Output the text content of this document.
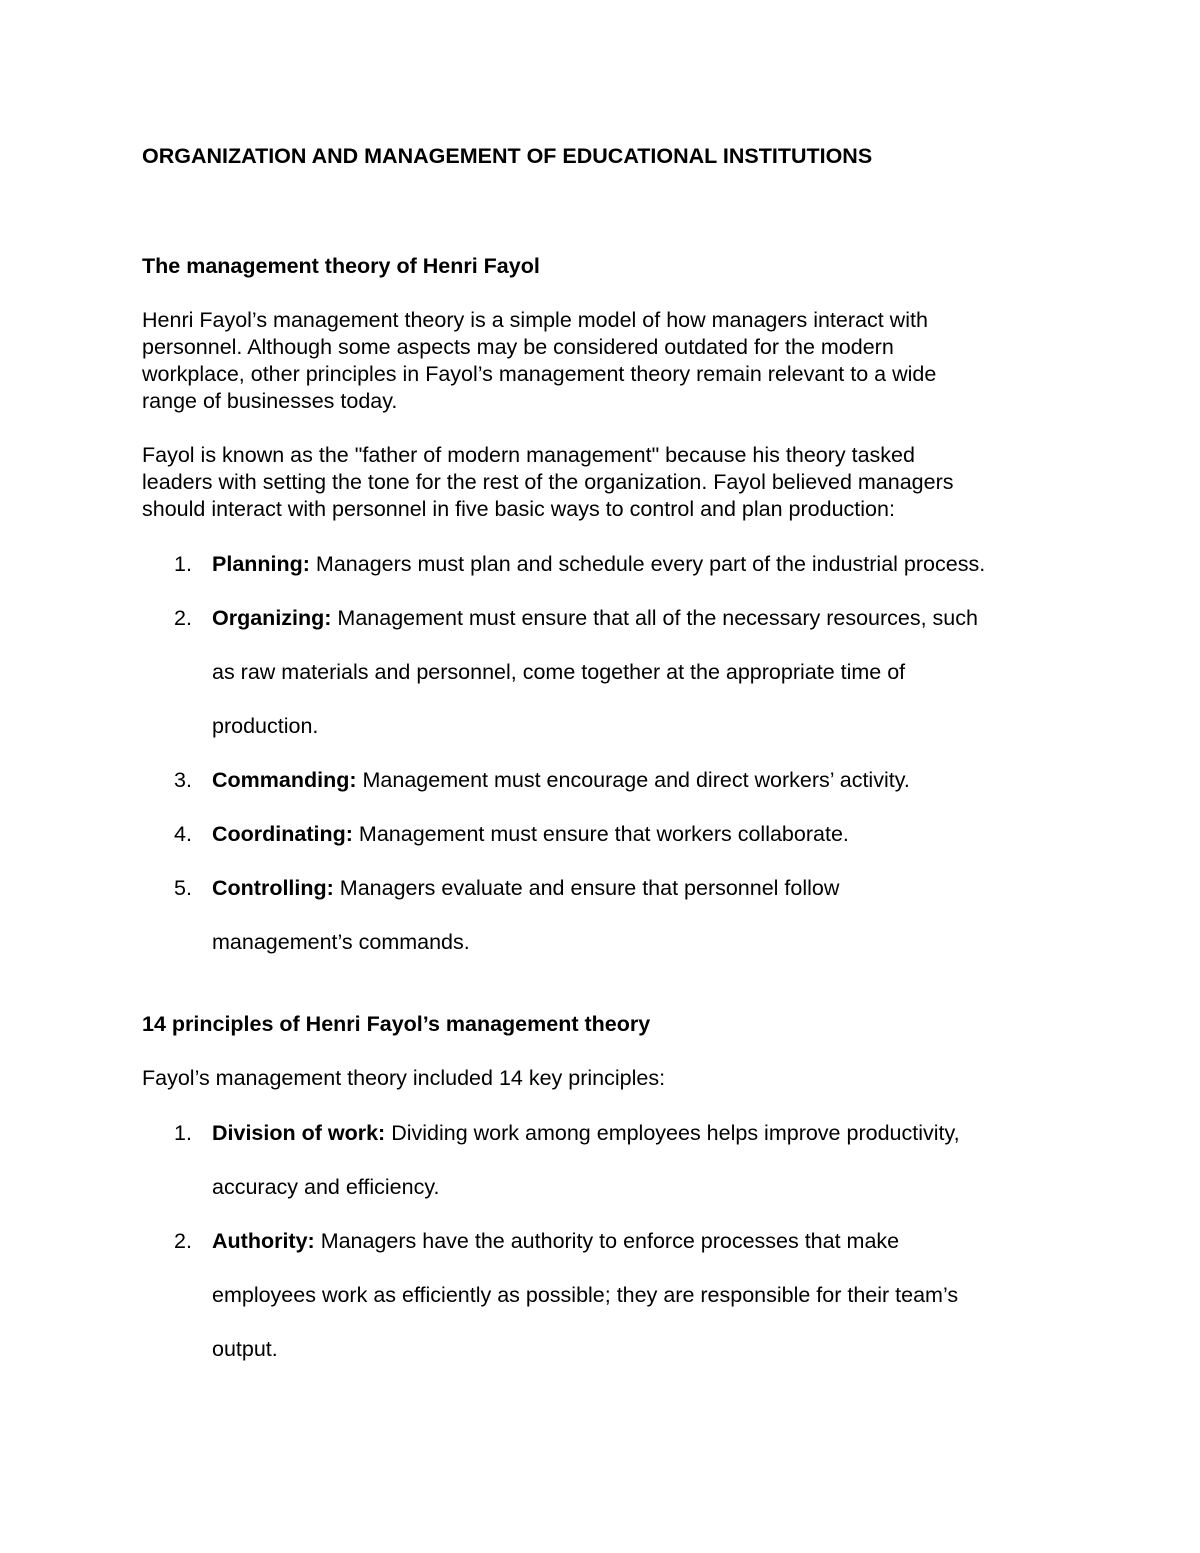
ORGANIZATION AND MANAGEMENT OF EDUCATIONAL INSTITUTIONS
The management theory of Henri Fayol
Henri Fayol’s management theory is a simple model of how managers interact with
personnel. Although some aspects may be considered outdated for the modern
workplace, other principles in Fayol’s management theory remain relevant to a wide
range of businesses today.
Fayol is known as the "father of modern management" because his theory tasked
leaders with setting the tone for the rest of the organization. Fayol believed managers
should interact with personnel in five basic ways to control and plan production:
1. Planning: Managers must plan and schedule every part of the industrial process.
2. Organizing: Management must ensure that all of the necessary resources, such
as raw materials and personnel, come together at the appropriate time of
production.
3. Commanding: Management must encourage and direct workers’ activity.
4. Coordinating: Management must ensure that workers collaborate.
5. Controlling: Managers evaluate and ensure that personnel follow
management’s commands.
14 principles of Henri Fayol’s management theory
Fayol’s management theory included 14 key principles:
1. Division of work: Dividing work among employees helps improve productivity,
accuracy and efficiency.
2. Authority: Managers have the authority to enforce processes that make
employees work as efficiently as possible; they are responsible for their team’s
output.
